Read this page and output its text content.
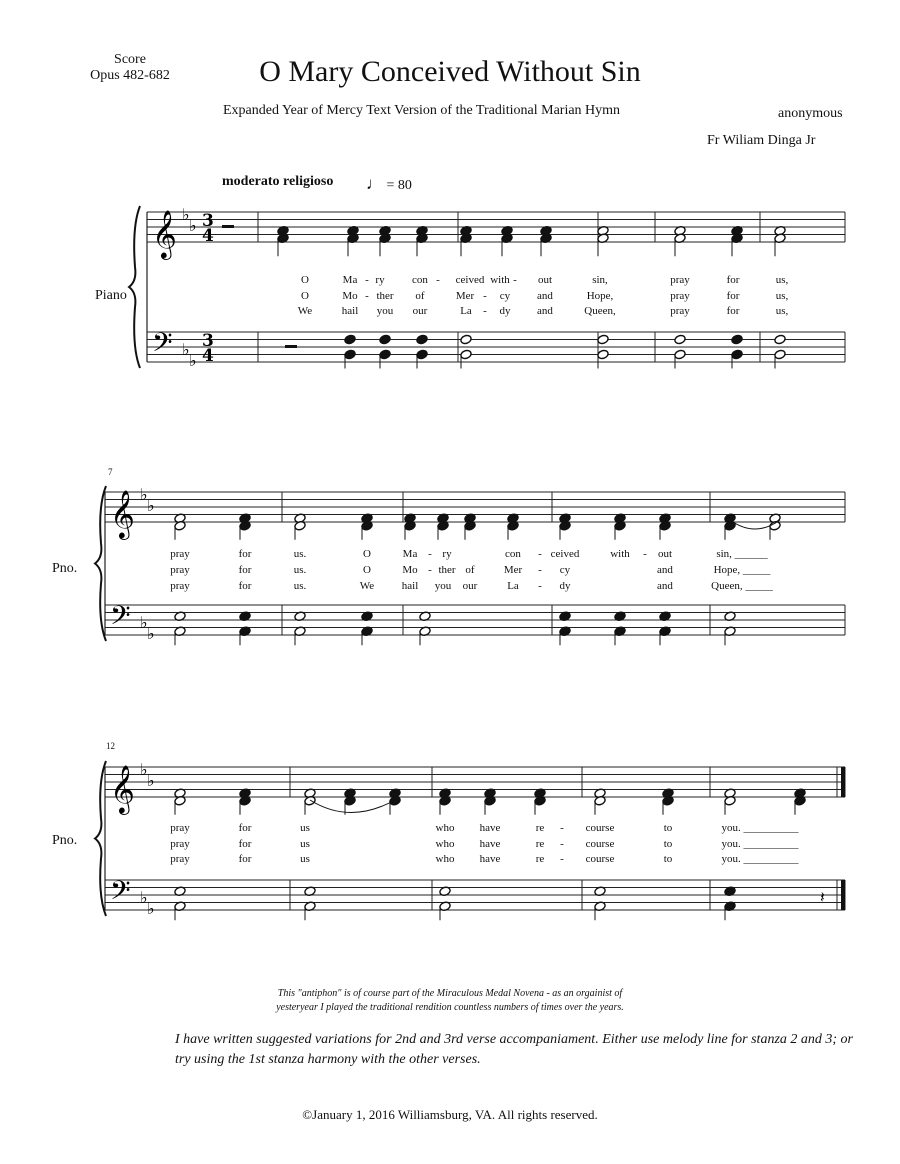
Score
Opus 482-682	O Mary Conceived Without Sin
Expanded Year of Mercy Text Version of the Traditional Marian Hymn	anonymous
Fr Wiliam Dinga Jr
moderato religioso ♩ = 80
Piano
Pno.
Pno.
7
12
𝄞
𝄢
♭
♭
♭
♭
3
4
3
4
𝄞
𝄢
♭
♭
♭
♭
𝄞
𝄢
♭
♭
♭
♭
𝄽
O	Ma - ry con - ceived with - out	sin,	pray	for	us,
O	Mo - ther of	Mer - cy and	Hope,	pray	for	us,
We	hail you our	La - dy and	Queen,	pray	for	us,
pray	for	us.	O	Ma - ry	con - ceived	with - out	sin, ______
pray	for	us.	O	Mo - ther of	Mer - cy	and	Hope, _____
pray	for	us.	We	hail you our	La - dy	and	Queen, _____
pray	for	us	who have	re - course	to	you. __________
pray	for	us	who have	re - course	to	you. __________
pray	for	us	who have	re - course	to	you. __________
This "antiphon" is of course part of the Miraculous Medal Novena - as an orgainist of
yesteryear I played the traditional rendition countless numbers of times over the years.
I have written suggested variations for 2nd and 3rd verse accompaniament. Either use melody line for stanza 2 and 3; or try using the 1st stanza harmony with the other verses.
©January 1, 2016 Williamsburg, VA. All rights reserved.
